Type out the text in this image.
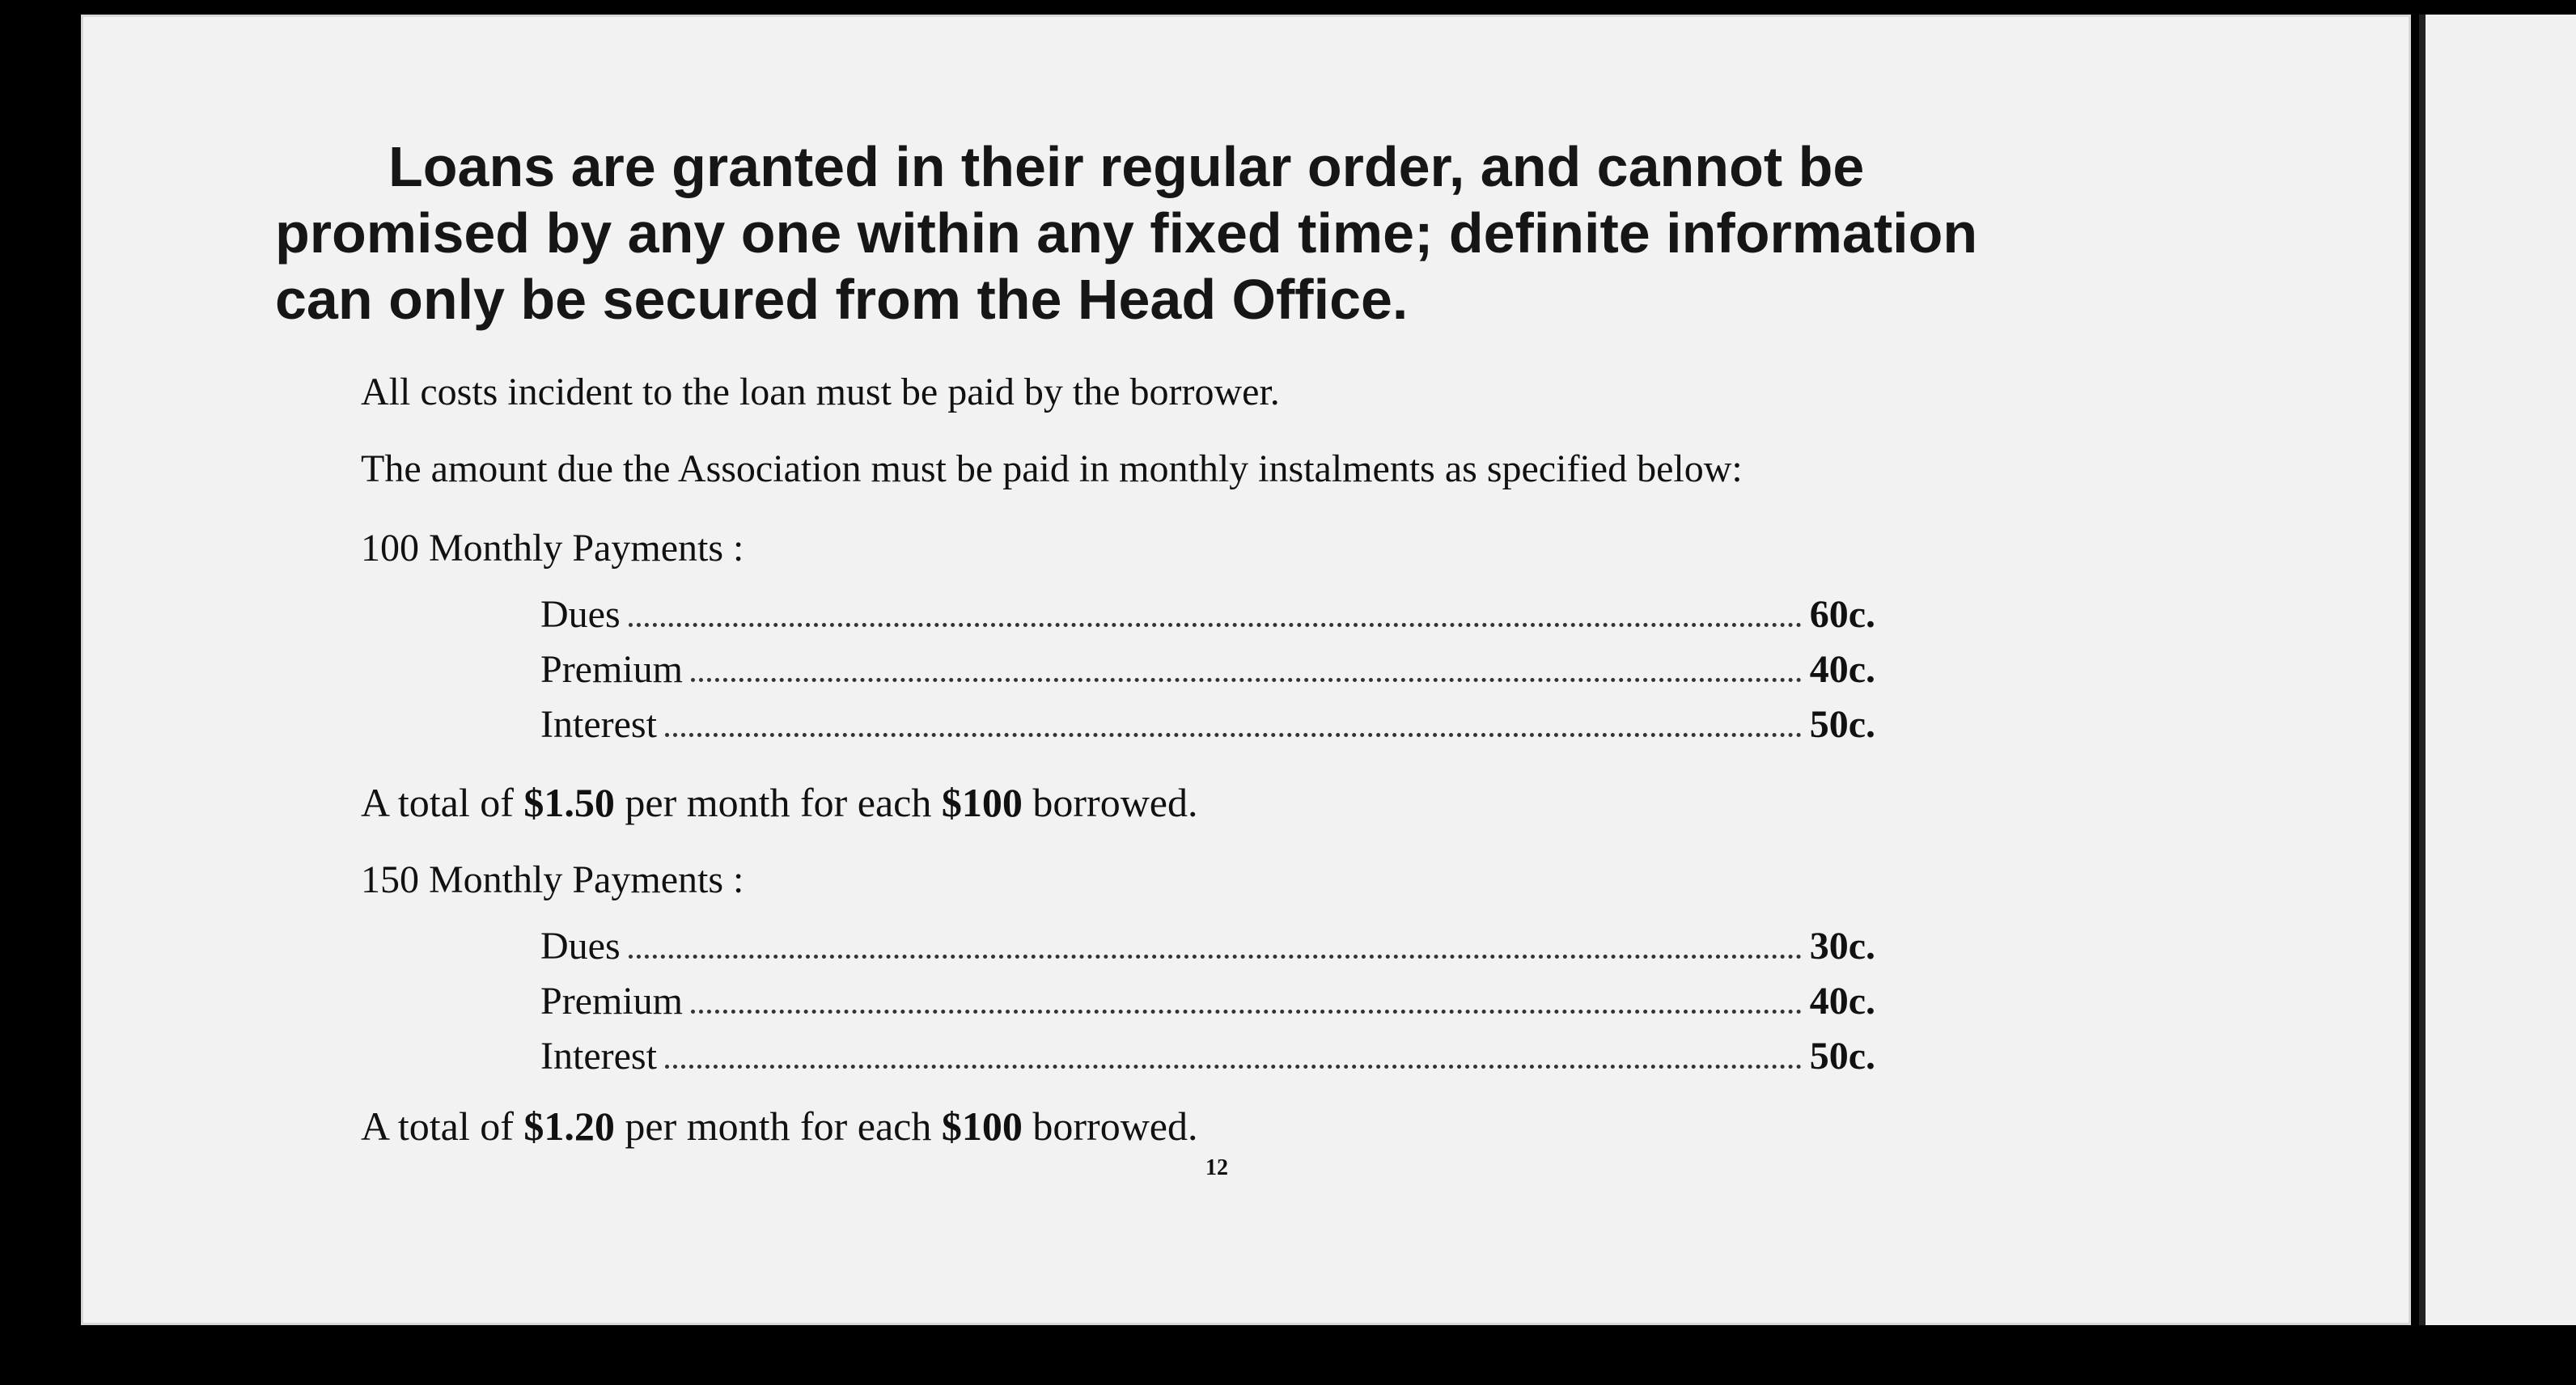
Loans are granted in their regular order, and cannot be
promised by any one within any fixed time; definite information
can only be secured from the Head Office.

All costs incident to the loan must be paid by the borrower.

The amount due the Association must be paid in monthly instalments as specified below:

100 Monthly Payments :

Dues	60c.
Premium	40c.
Interest	50c.

A total of $1.50 per month for each $100 borrowed.

150 Monthly Payments :

Dues	30c.
Premium	40c.
Interest	50c.

A total of $1.20 per month for each $100 borrowed.

12
